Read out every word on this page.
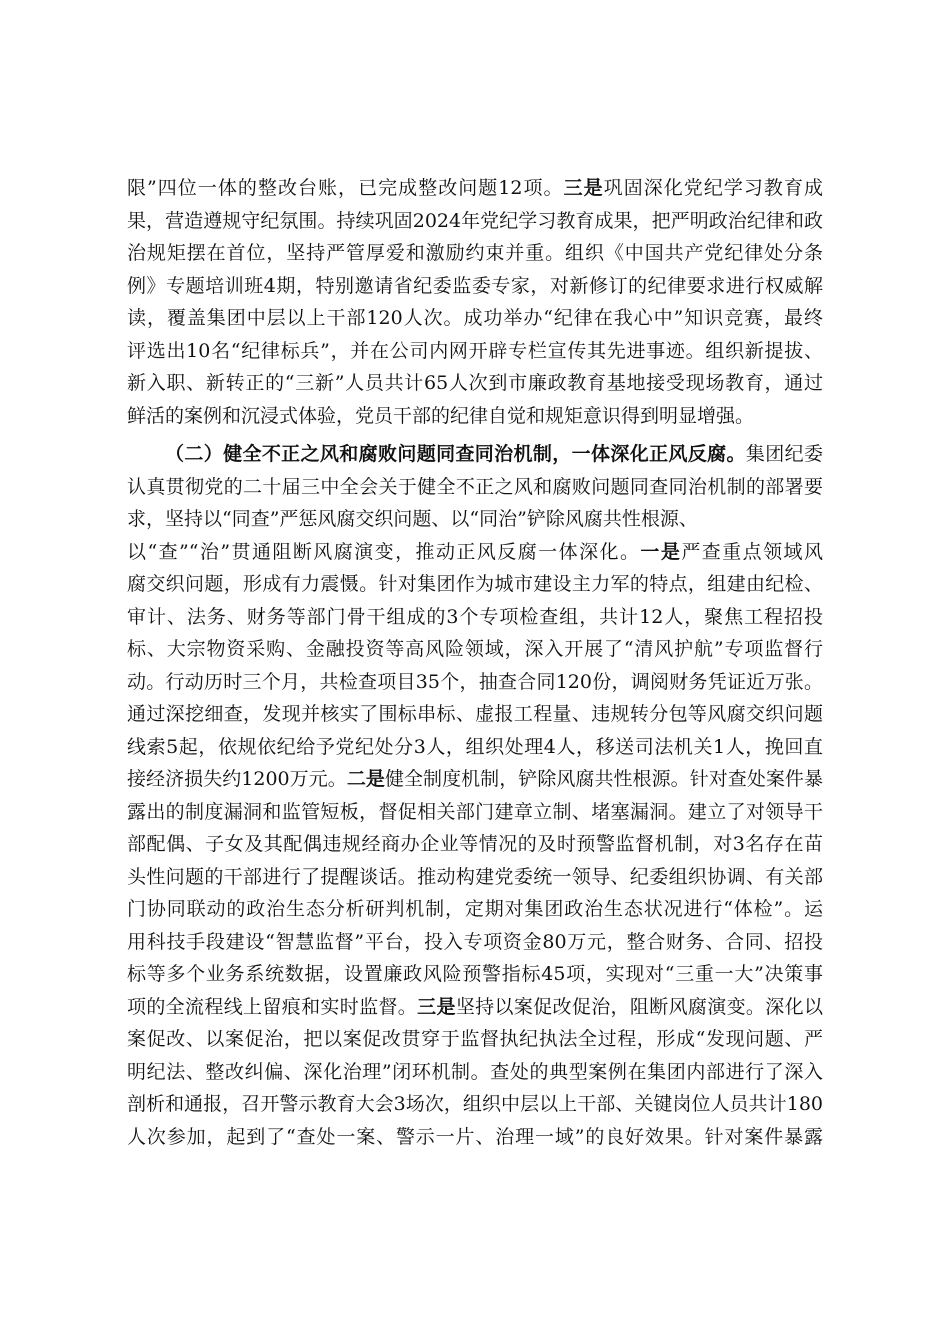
限”四位一体的整改台账，已完成整改问题12项。三是巩固深化党纪学习教育成
果，营造遵规守纪氛围。持续巩固2024年党纪学习教育成果，把严明政治纪律和政
治规矩摆在首位，坚持严管厚爱和激励约束并重。组织《中国共产党纪律处分条
例》专题培训班4期，特别邀请省纪委监委专家，对新修订的纪律要求进行权威解
读，覆盖集团中层以上干部120人次。成功举办“纪律在我心中”知识竞赛，最终
评选出10名“纪律标兵”，并在公司内网开辟专栏宣传其先进事迹。组织新提拔、
新入职、新转正的“三新”人员共计65人次到市廉政教育基地接受现场教育，通过
鲜活的案例和沉浸式体验，党员干部的纪律自觉和规矩意识得到明显增强。
（二）健全不正之风和腐败问题同查同治机制，一体深化正风反腐。集团纪委
认真贯彻党的二十届三中全会关于健全不正之风和腐败问题同查同治机制的部署要
求，坚持以“同查”严惩风腐交织问题、以“同治”铲除风腐共性根源、
以“查”“治”贯通阻断风腐演变，推动正风反腐一体深化。一是严查重点领域风
腐交织问题，形成有力震慑。针对集团作为城市建设主力军的特点，组建由纪检、
审计、法务、财务等部门骨干组成的3个专项检查组，共计12人，聚焦工程招投
标、大宗物资采购、金融投资等高风险领域，深入开展了“清风护航”专项监督行
动。行动历时三个月，共检查项目35个，抽查合同120份，调阅财务凭证近万张。
通过深挖细查，发现并核实了围标串标、虚报工程量、违规转分包等风腐交织问题
线索5起，依规依纪给予党纪处分3人，组织处理4人，移送司法机关1人，挽回直
接经济损失约1200万元。二是健全制度机制，铲除风腐共性根源。针对查处案件暴
露出的制度漏洞和监管短板，督促相关部门建章立制、堵塞漏洞。建立了对领导干
部配偶、子女及其配偶违规经商办企业等情况的及时预警监督机制，对3名存在苗
头性问题的干部进行了提醒谈话。推动构建党委统一领导、纪委组织协调、有关部
门协同联动的政治生态分析研判机制，定期对集团政治生态状况进行“体检”。运
用科技手段建设“智慧监督”平台，投入专项资金80万元，整合财务、合同、招投
标等多个业务系统数据，设置廉政风险预警指标45项，实现对“三重一大”决策事
项的全流程线上留痕和实时监督。三是坚持以案促改促治，阻断风腐演变。深化以
案促改、以案促治，把以案促改贯穿于监督执纪执法全过程，形成“发现问题、严
明纪法、整改纠偏、深化治理”闭环机制。查处的典型案例在集团内部进行了深入
剖析和通报，召开警示教育大会3场次，组织中层以上干部、关键岗位人员共计180
人次参加，起到了“查处一案、警示一片、治理一域”的良好效果。针对案件暴露
